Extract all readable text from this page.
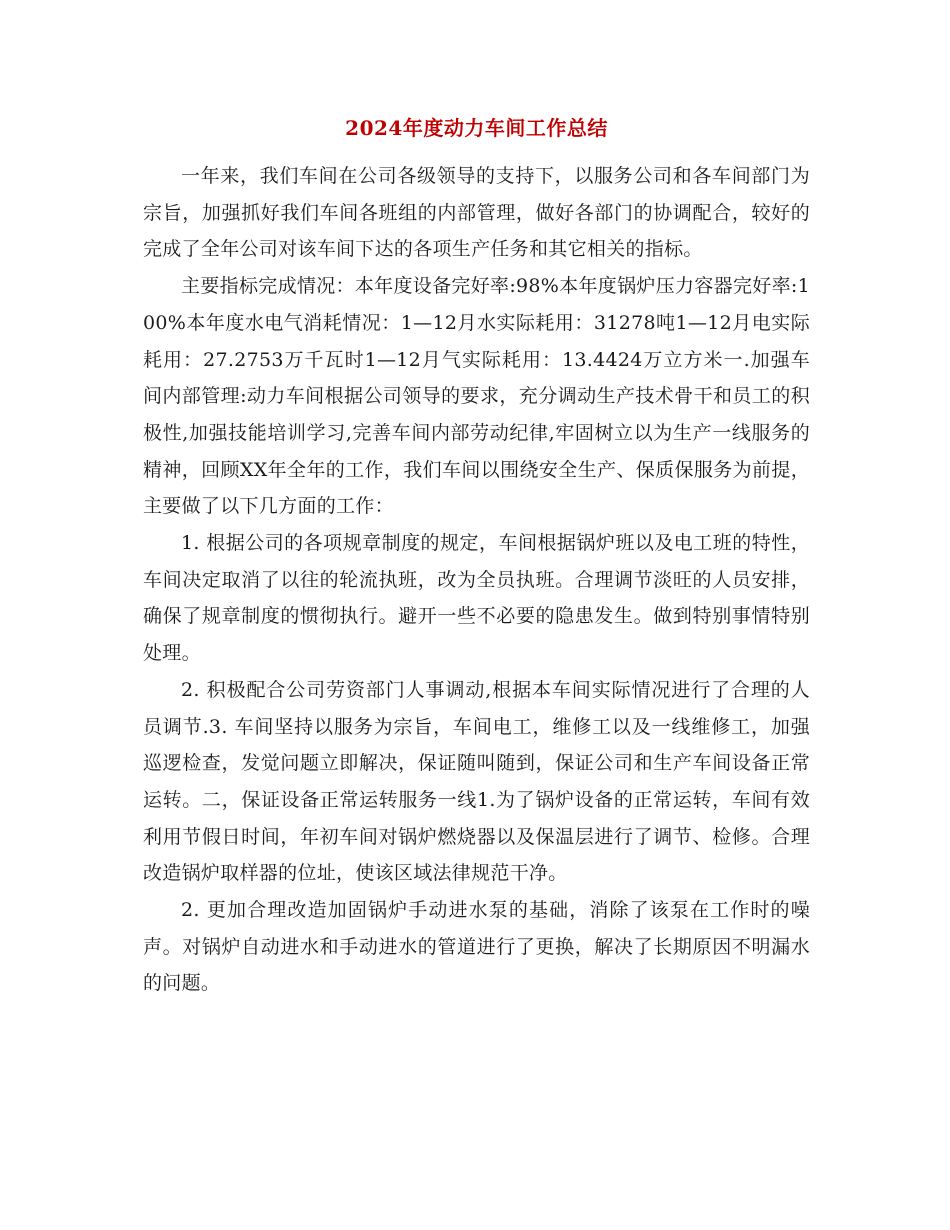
2024年度动力车间工作总结

一年来，我们车间在公司各级领导的支持下，以服务公司和各车间部门为宗旨，加强抓好我们车间各班组的内部管理，做好各部门的协调配合，较好的完成了全年公司对该车间下达的各项生产任务和其它相关的指标。

主要指标完成情况：本年度设备完好率:98%本年度锅炉压力容器完好率:100%本年度水电气消耗情况：1—12月水实际耗用：31278吨1—12月电实际耗用：27.2753万千瓦时1—12月气实际耗用：13.4424万立方米一.加强车间内部管理:动力车间根据公司领导的要求，充分调动生产技术骨干和员工的积极性,加强技能培训学习,完善车间内部劳动纪律,牢固树立以为生产一线服务的精神，回顾XX年全年的工作，我们车间以围绕安全生产、保质保服务为前提，主要做了以下几方面的工作：

1. 根据公司的各项规章制度的规定，车间根据锅炉班以及电工班的特性，车间决定取消了以往的轮流执班，改为全员执班。合理调节淡旺的人员安排，确保了规章制度的惯彻执行。避开一些不必要的隐患发生。做到特别事情特别处理。

2. 积极配合公司劳资部门人事调动,根据本车间实际情况进行了合理的人员调节.3. 车间坚持以服务为宗旨，车间电工，维修工以及一线维修工，加强巡逻检查，发觉问题立即解决，保证随叫随到，保证公司和生产车间设备正常运转。二，保证设备正常运转服务一线1.为了锅炉设备的正常运转，车间有效利用节假日时间，年初车间对锅炉燃烧器以及保温层进行了调节、检修。合理改造锅炉取样器的位址，使该区域法律规范干净。

2. 更加合理改造加固锅炉手动进水泵的基础，消除了该泵在工作时的噪声。对锅炉自动进水和手动进水的管道进行了更换，解决了长期原因不明漏水的问题。
